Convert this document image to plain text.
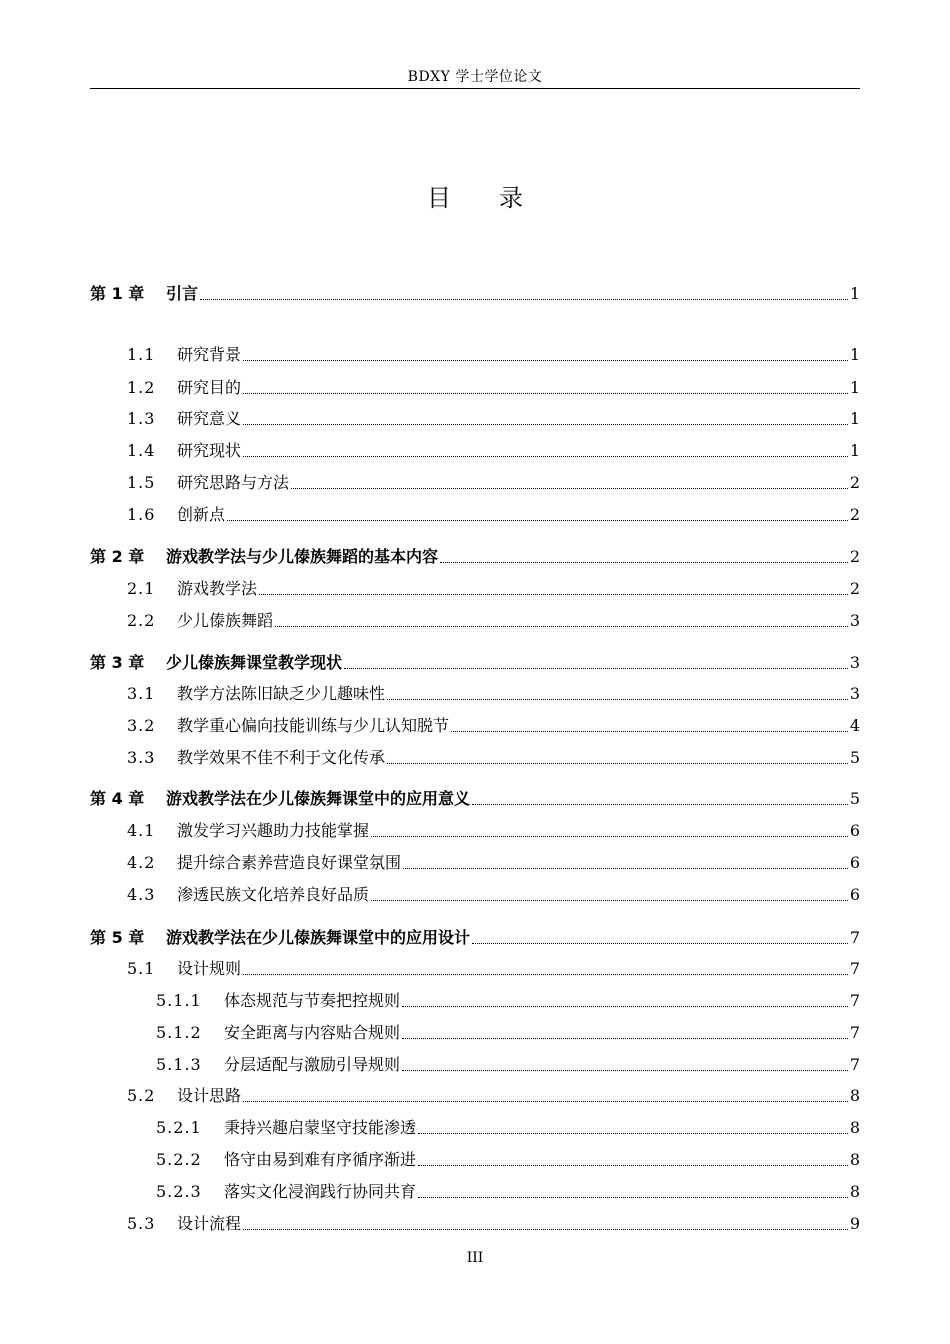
BDXY 学士学位论文
目 录
第 1 章	引言	1
1.1	研究背景	1
1.2	研究目的	1
1.3	研究意义	1
1.4	研究现状	1
1.5	研究思路与方法	2
1.6	创新点	2
第 2 章	游戏教学法与少儿傣族舞蹈的基本内容	2
2.1	游戏教学法	2
2.2	少儿傣族舞蹈	3
第 3 章	少儿傣族舞课堂教学现状	3
3.1	教学方法陈旧缺乏少儿趣味性	3
3.2	教学重心偏向技能训练与少儿认知脱节	4
3.3	教学效果不佳不利于文化传承	5
第 4 章	游戏教学法在少儿傣族舞课堂中的应用意义	5
4.1	激发学习兴趣助力技能掌握	6
4.2	提升综合素养营造良好课堂氛围	6
4.3	渗透民族文化培养良好品质	6
第 5 章	游戏教学法在少儿傣族舞课堂中的应用设计	7
5.1	设计规则	7
5.1.1	体态规范与节奏把控规则	7
5.1.2	安全距离与内容贴合规则	7
5.1.3	分层适配与激励引导规则	7
5.2	设计思路	8
5.2.1	秉持兴趣启蒙坚守技能渗透	8
5.2.2	恪守由易到难有序循序渐进	8
5.2.3	落实文化浸润践行协同共育	8
5.3	设计流程	9
III
